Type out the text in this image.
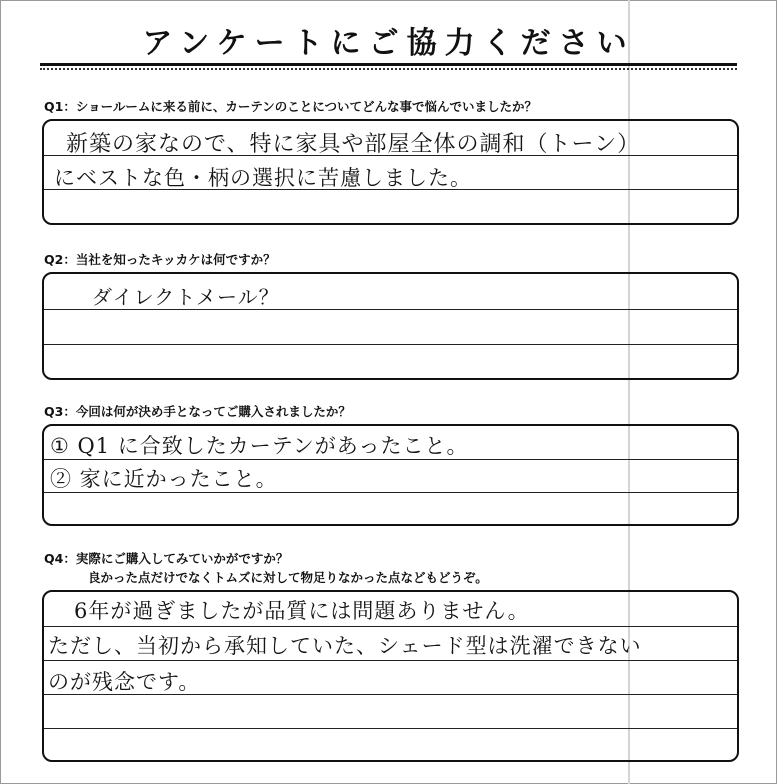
アンケートにご協力ください
Q1：ショールームに来る前に、カーテンのことについてどんな事で悩んでいましたか？
新築の家なので、特に家具や部屋全体の調和（トーン）
にベストな色・柄の選択に苦慮しました。
Q2：当社を知ったキッカケは何ですか？
ダイレクトメール？
Q3：今回は何が決め手となってご購入されましたか？
① Q1 に合致したカーテンがあったこと。
② 家に近かったこと。
Q4：実際にご購入してみていかがですか？
良かった点だけでなくトムズに対して物足りなかった点などもどうぞ。
6年が過ぎましたが品質には問題ありません。
ただし、当初から承知していた、シェード型は洗濯できない
のが残念です。
